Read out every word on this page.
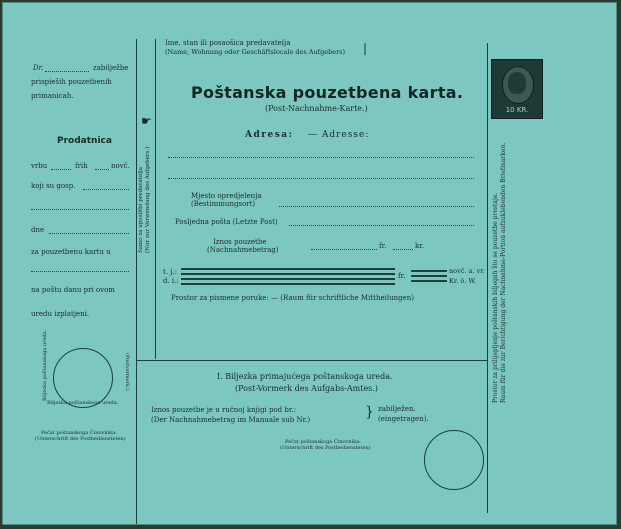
Ime, stan ili posaošica predavatelja
(Name, Wohnung oder Geschäftslocale des Aufgebers) |
Poštanska pouzetbena karta.
(Post-Nachnahme-Karte.)
Adresa: — Adresse:
Mjesto opredjelenja
(Bestimmungsort)
Posljedna pošta (Letzte Post)
Iznos pouzetbe
(Nachnahmebetrag)	fr.	kr.
t. j.:
d. i.:
fr.
novč. a. vr.
Kr. ö. W.
Prostor za pismene poruke: — (Raum für schriftliche Mittheilungen)
I. Biljezka primajućega poštanskoga ureda.
(Post-Vormerk des Aufgabs-Amtes.)
Iznos pouzetbe je u ručnoj knjigi pod br.:
(Der Nachnahmebetrag im Manuale sub Nr.)	} zabilježen.
(eingetragen).
Pečat poštanskoga Činovnika:
(Unterschrift des Postbediensteten)
Dr.	zabilježbe
prispieših pouzetbenih
primanicah.
Prodatnica
vrbu	frih	novč.
koji su gosp.
dne
za pouzetbenu kartu u
na poštu danu pri ovom
uredu izplatjeni.
Biljezka poštanskoga ureda.
Biljezka poštanskoga ureda.	(Postvermerk.)
Pečat poštanskoga Činovnika:
(Unterschrift des Postbediensteten)
Samo za uposlitbi predavatelja (Nur zur Verwendung des Aufgebers.)
☛
Prostor za prilijepljenje poštanskih biljegah što se pouzetbe prestaje. Raum für die zur Berichtigung der Nachnahme-Portion aufzuklebenden Briefmarken.
10 KR.
